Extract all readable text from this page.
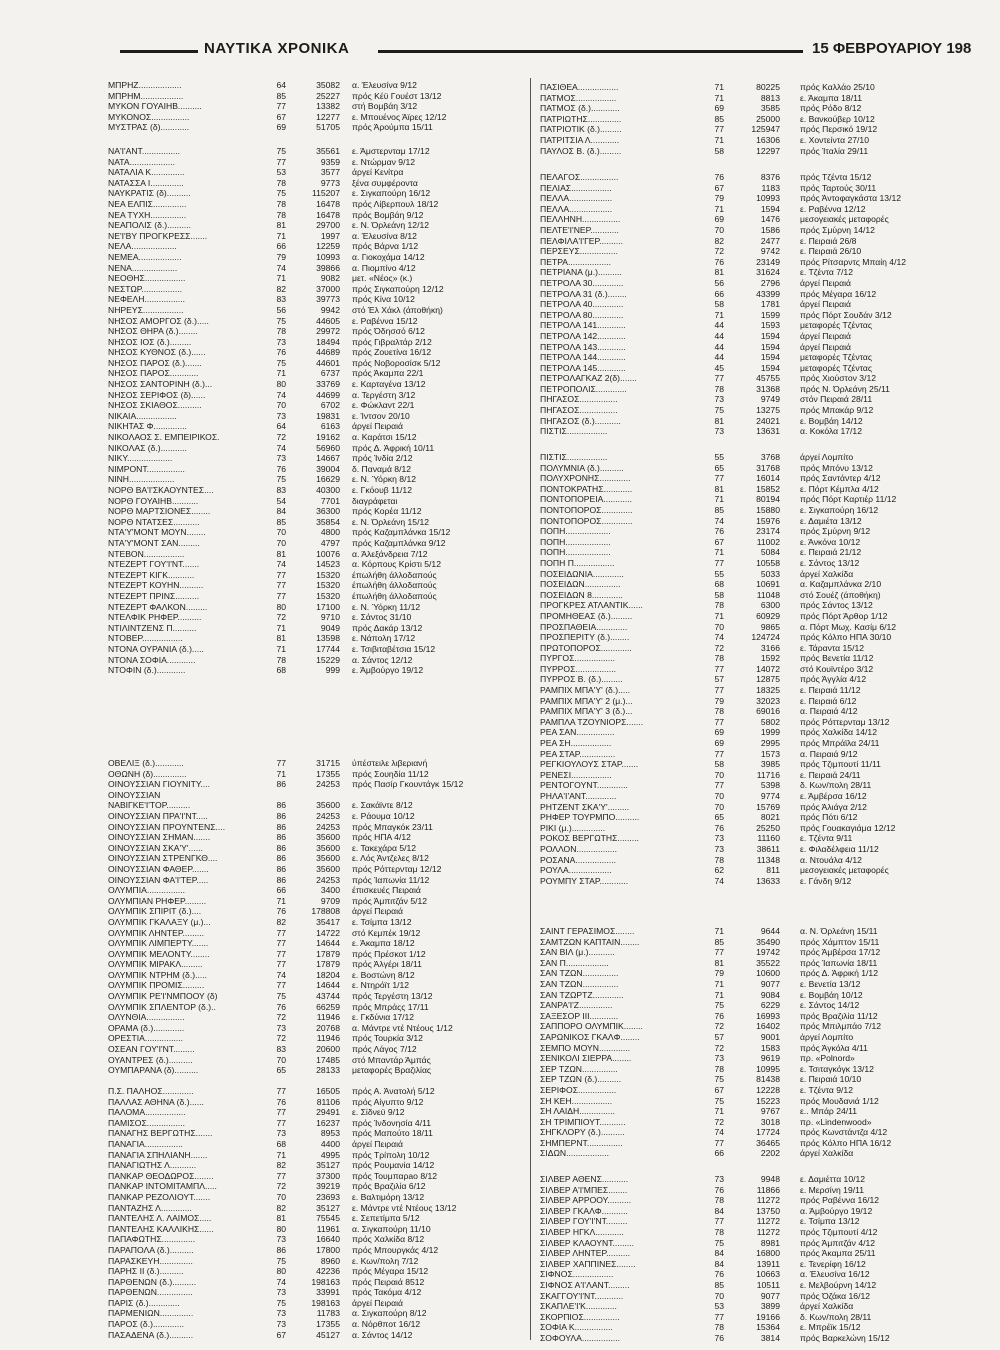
ΝΑΥΤΙΚΑ ΧΡΟΝΙΚΑ	15 ΦΕΒΡΟΥΑΡΙΟΥ 198
ΜΠΡΗΖ..................	64	35082 α. Έλευσίνα 9/12
ΜΠΡΗΜ..................	85	25227 πρός Κέϋ Γουέστ 13/12
ΜΥΚΟΝ ΓΟΥΑΙΗΒ..........	77	13382 στή Βομβάη 3/12
ΜΥΚΟΝΟΣ................	67	12277 ε. Μπουένος Άϊρες 12/12
ΜΥΣΤΡΑΣ (δ)............	69	51705 πρός Άρούμπα 15/11
ΝΑ'Ι'ΑΝΤ................	75	35561 ε. Άμστερνταμ 17/12
ΝΑΤΑ...................	77	9359 ε. Ντώρμαν 9/12
ΝΑΤΑΛΙΑ Κ..............	53	3577 άργεί Κενίτρα
ΝΑΤΑΣΣΑ Ι..............	78	9773 ξένα συμφέροντα
ΝΑΥΚΡΑΤΙΣ (δ)..........	75	115207 ε. Σιγκαπούρη 16/12
ΝΕΑ ΕΛΠΙΣ..............	78	16478 πρός Λίβερπουλ 18/12
ΝΕΑ ΤΥΧΗ...............	78	16478 πρός Βομβάη 9/12
ΝΕΑΠΟΛΙΣ (δ.)..........	81	29700 ε. Ν. Όρλεάνη 12/12
ΝΕ'Ι'ΒΥ ΠΡΟΓΚΡΕΣΣ.......	71	1997 α. Έλευσίνα 8/12
ΝΕΛΑ...................	66	12259 πρός Βάρνα 1/12
ΝΕΜΕΑ..................	79	10993 α. Γιοκοχάμα 14/12
ΝΕΝΑ...................	74	39866 α. Πιομπίνο 4/12
ΝΕΟΘΗΣ.................	71	9082 μετ. «Νέος» (κ.)
ΝΕΣΤΩΡ.................	82	37000 πρός Σιγκαπούρη 12/12
ΝΕΦΕΛΗ.................	83	39773 πρός Κίνα 10/12
ΝΗΡΕΥΣ.................	56	9942 στό Έλ Χάκλ (άποθήκη)
ΝΗΣΟΣ ΑΜΟΡΓΟΣ (δ.).....	75	44605 ε. Ραβέννα 15/12
ΝΗΣΟΣ ΘΗΡΑ (δ.)........	78	29972 πρός Όδησσό 6/12
ΝΗΣΟΣ ΙΟΣ (δ.).........	73	18494 πρός Γιβραλτάρ 2/12
ΝΗΣΟΣ ΚΥΘΝΟΣ (δ.)......	76	44689 πρός Ζουετίνα 16/12
ΝΗΣΟΣ ΠΑΡΟΣ (δ.).......	75	44601 πρός Νοβοροσίσκ 5/12
ΝΗΣΟΣ ΠΑΡΟΣ............	71	6737 πρός Άκαμπα 22/1
ΝΗΣΟΣ ΣΑΝΤΟΡΙΝΗ (δ.)...	80	33769 ε. Καρταγένα 13/12
ΝΗΣΟΣ ΣΕΡΙΦΟΣ (δ)......	74	44699 α. Τεργέστη 3/12
ΝΗΣΟΣ ΣΚΙΑΘΟΣ..........	70	6702 ε. Φώκλαντ 22/1
ΝΙΚΑΙΑ.................	73	19831 ε. Ίντσον 20/10
ΝΙΚΗΤΑΣ Φ..............	64	6163 άργεί Πειραιά
ΝΙΚΟΛΑΟΣ Σ. ΕΜΠΕΙΡΙΚΟΣ.	72	19162 α. Καράτσι 15/12
ΝΙΚΟΛΑΣ (δ.)...........	74	56960 πρός Δ. Άφρική 10/11
ΝΙΚΥ...................	73	14667 πρός Ίνδία 2/12
ΝΙΜΡΟΝΤ................	76	39004 δ. Παναμά 8/12
ΝΙΝΗ...................	75	16629 ε. Ν. Ύόρκη 8/12
ΝΟΡΘ ΒΑ'Ι'ΣΚΑΟΥΝΤΕΣ....	83	40300 ε. Γκόουβ 11/12
ΝΟΡΘ ΓΟΥΑΙΗΒ...........	54	7701 διαγράφεται
ΝΟΡΘ ΜΑΡΤΣΙΟΝΕΣ........	84	36300 πρός Κορέα 11/12
ΝΟΡΘ ΝΤΑΤΣΕΣ...........	85	35854 ε. Ν. Όρλεάνη 15/12
ΝΤΑ'Υ'ΜΟΝΤ ΜΟΥΝ........	70	4800 πρός Καζαμπλάνκα 15/12
ΝΤΑ'Υ'ΜΟΝΤ ΣΑΝ.........	70	4797 πρός Καζαμπλάνκα 9/12
ΝΤΕΒΟΝ.................	81	10076 α. Άλεξάνδρεια 7/12
ΝΤΕΖΕΡΤ ΓΟΥ'Ι'ΝΤ.......	74	14523 α. Κόρπους Κρίστι 5/12
ΝΤΕΖΕΡΤ ΚΙΓΚ...........	77	15320 έπωλήθη άλλοδαπούς
ΝΤΕΖΕΡΤ ΚΟΥΗΝ..........	77	15320 έπωλήθη άλλοδαπούς
ΝΤΕΖΕΡΤ ΠΡΙΝΣ..........	77	15320 έπωλήθη άλλοδαπούς
ΝΤΕΖΕΡΤ ΦΑΛΚΟΝ.........	80	17100 ε. Ν. Ύόρκη 11/12
ΝΤΕΛΦΙΚ ΡΗΦΕΡ..........	72	9710 ε. Σάντος 31/10
ΝΤΙΛΙΝΤΖΕΝΣ Π..........	71	9049 πρός Δακάρ 13/12
ΝΤΟΒΕΡ.................	81	13598 ε. Νάπολη 17/12
ΝΤΟΝΑ ΟΥΡΑΝΙΑ (δ.).....	71	17744 ε. Τσιβιταβέτσια 15/12
ΝΤΟΝΑ ΣΟΦΙΑ............	78	15229 α. Σάντος 12/12
ΝΤΟΦΙΝ (δ.)............	68	999 ε. Άμβούργο 19/12
ΟΒΕΛΙΞ (δ.)............	77	31715 ύπέστειλε λιβεριανή
ΟΘΩΝΗ (δ)..............	71	17355 πρός Σουηδία 11/12
ΟΙΝΟΥΣΣΙΑΝ ΓΙΟΥΝΙΤΥ....	86	24253 πρός Πασίρ Γκουντάγκ 15/12
ΟΙΝΟΥΣΣΙΑΝ
ΝΑΒΙΓΚΕ'Ι'ΤΟΡ..........	86	35600 ε. Σακάϊντε 8/12
ΟΙΝΟΥΣΣΙΑΝ ΠΡΑ'Ι'ΝΤ.....	86	24253 ε. Ράουμα 10/12
ΟΙΝΟΥΣΣΙΑΝ ΠΡΟΥΝΤΕΝΣ....	86	24253 πρός Μπαγκόκ 23/11
ΟΙΝΟΥΣΣΙΑΝ ΣΗΜΑΝ.......	86	35600 πρός ΗΠΑ 4/12
ΟΙΝΟΥΣΣΙΑΝ ΣΚΑ'Υ'......	86	35600 ε. Τακεχάρα 5/12
ΟΙΝΟΥΣΣΙΑΝ ΣΤΡΕΝΓΚΘ....	86	35600 ε. Λός Άντζελες 8/12
ΟΙΝΟΥΣΣΙΑΝ ΦΑΘΕΡ.......	86	35600 πρός Ρόττερνταμ 12/12
ΟΙΝΟΥΣΣΙΑΝ ΦΑ'Ι'ΤΕΡ.....	86	24253 πρός Ίαπωνία 11/12
ΟΛΥΜΠΙΑ................	66	3400 έπισκευές Πειραιά
ΟΛΥΜΠΙΑΝ ΡΗΦΕΡ.........	71	9709 πρός Άμπιτζάν 5/12
ΟΛΥΜΠΙΚ ΣΠΙΡΙΤ (δ.)....	76	178808 άργεί Πειραιά
ΟΛΥΜΠΙΚ ΓΚΑΛΑΞΥ (μ.)...	82	35417 ε. Τσίμπα 13/12
ΟΛΥΜΠΙΚ ΛΗΝΤΕΡ.........	77	14722 στό Κεμπέκ 19/12
ΟΛΥΜΠΙΚ ΛΙΜΠΕΡΤΥ.......	77	14644 ε. Άκαμπα 18/12
ΟΛΥΜΠΙΚ ΜΕΛΟΝΤΥ........	77	17879 πρός Πρέσκοτ 1/12
ΟΛΥΜΠΙΚ ΜΙΡΑΚΛ.........	77	17879 πρός Άλγέρι 18/11
ΟΛΥΜΠΙΚ ΝΤΡΗΜ (δ.).....	74	18204 ε. Βοστώνη 8/12
ΟΛΥΜΠΙΚ ΠΡΟΜΙΣ.........	77	14644 ε. Ντηρόϊτ 1/12
ΟΛΥΜΠΙΚ ΡΕ'Ι'ΝΜΠΟΟΥ (δ)	75	43744 πρός Τεργέστη 13/12
ΟΛΥΜΠΙΚ ΣΠΛΕΝΤΟΡ (δ.)..	76	66259 πρός Μπράςς 17/11
ΟΛΥΝΘΙΑ................	72	11946 ε. Γκδύνια 17/12
ΟΡΑΜΑ (δ.).............	73	20768 α. Μάντρε ντέ Ντέους 1/12
ΟΡΕΣΤΙΑ................	72	11946 πρός Τουρκία 3/12
ΟΣΕΑΝ ΓΟΥ'Ι'ΝΤ.........	83	20600 πρός Λάγος 7/12
ΟΥΑΝΤΡΕΣ (δ.)..........	70	17485 στό Μπαντάρ Άμπάς
ΟΥΜΠΑΡΑΝΑ (δ)..........	65	28133 μεταφορές Βραζιλίας
Π.Σ. ΠΑΛΗΟΣ.............	77	16505 πρός Α. Άνατολή 5/12
ΠΑΛΛΑΣ ΑΘΗΝΑ (δ.)......	76	81106 πρός Αίγυπτο 9/12
ΠΑΛΟΜΑ.................	77	29491 ε. Σίδνεϋ 9/12
ΠΑΜΙΣΟΣ................	77	16237 πρός Ίνδονησία 4/11
ΠΑΝΑΓΗΣ ΒΕΡΓΩΤΗΣ.......	73	8953 πρός Μαπούτο 18/11
ΠΑΝΑΓΙΑ................	68	4400 άργεί Πειραιά
ΠΑΝΑΓΙΑ ΣΠΗΛΙΑΝΗ.......	71	4995 πρός Τρίπολη 10/12
ΠΑΝΑΓΙΩΤΗΣ Λ...........	82	35127 πρός Ρουμανία 14/12
ΠΑΝΚΑΡ ΘΕΟΔΩΡΟΣ........	77	37300 πρός Τουμπαρao 8/12
ΠΑΝΚΑΡ ΙΝΤΟΜΙΤΑΜΠΛ.....	72	39219 πρός Βραζιλία 6/12
ΠΑΝΚΑΡ ΡΕΖΟΛΙΟΥΤ.......	70	23693 ε. Βαλτιμόρη 13/12
ΠΑΝΤΑΖΗΣ Λ.............	82	35127 ε. Μάντρε ντέ Ντέους 13/12
ΠΑΝΤΕΛΗΣ Λ. ΛΑΙΜΟΣ.....	81	75545 ε. Σεπετίμπα 5/12
ΠΑΝΤΕΛΗΣ ΚΑΛΛΙΚΗΣ......	80	11961 α. Σιγκαπούρη 11/10
ΠΑΠΑΦΩΤΗΣ..............	73	16640 πρός Χαλκίδα 8/12
ΠΑΡΑΠΟΛΑ (δ.)..........	86	17800 πρός Μπουργκάς 4/12
ΠΑΡΑΣΚΕΥΗ..............	75	8960 ε. Κων/πολη 7/12
ΠΑΡΗΣ ΙΙ (δ.)..........	80	42236 πρός Μέγαρα 15/12
ΠΑΡΘΕΝΩΝ (δ.)..........	74	198163 πρός Πειραιά 8512
ΠΑΡΘΕΝΩΝ...............	73	33991 πρός Τακόμα 4/12
ΠΑΡΙΣ (δ.).............	75	198163 άργεί Πειραιά
ΠΑΡΜΕΝΙΩΝ..............	73	11783 α. Σιγκαπούρη 8/12
ΠΑΡΟΣ (δ.).............	73	17355 α. Νόρθποτ 16/12
ΠΑΣΑΔΕΝΑ (δ.)..........	67	45127 α. Σάντος 14/12
ΠΑΣΙΘΕΑ.................	71	80225 πρός Καλλάο 25/10
ΠΑΤΜΟΣ.................	71	8813 ε. Άκαμπα 18/11
ΠΑΤΜΟΣ (δ.)............	69	3585 πρός Ρόδο 8/12
ΠΑΤΡΙΩΤΗΣ..............	85	25000 ε. Βανκούβερ 10/12
ΠΑΤΡΙΟΤΙΚ (δ.).........	77	125947 πρός Περσικό 19/12
ΠΑΤΡΙΤΣΙΑ Λ............	71	16306 ε. Χοντείντα 27/10
ΠΑΥΛΟΣ Β. (δ.).........	58	12297 πρός Ίταλία 29/11
ΠΕΛΑΓΟΣ................	76	8376 πρός Τζέντα 15/12
ΠΕΛΙΑΣ.................	67	1183 πρός Ταρτούς 30/11
ΠΕΛΛΑ..................	79	10993 πρός Άντοφαγκάστα 13/12
ΠΕΛΛΑ..................	71	1594 ε. Ραβέννα 12/12
ΠΕΛΛΗΝΗ................	69	1476 μεσογειακές μεταφορές
ΠΕΛΤΕ'Ι'ΝΕΡ............	70	1586 πρός Σμύρνη 14/12
ΠΕΛΦΙΛΑ'Ι'ΓΕΡ..........	82	2477 ε. Πειραιά 26/8
ΠΕΡΣΕΥΣ................	72	9742 ε. Πειραιά 26/10
ΠΕΤΡΑ..................	76	23149 πρός Ρίτσαρντς Μπαίη 4/12
ΠΕΤΡΙΑΝΑ (μ.)..........	81	31624 ε. Τζέντα 7/12
ΠΕΤΡΟΛΑ 30.............	56	2796 άργεί Πειραιά
ΠΕΤΡΟΛΑ 31 (δ.)........	66	43399 πρός Μέγαρα 16/12
ΠΕΤΡΟΛΑ 40.............	58	1781 άργεί Πειραιά
ΠΕΤΡΟΛΑ 80.............	71	1599 πρός Πόρτ Σουδάν 3/12
ΠΕΤΡΟΛΑ 141............	44	1593 μεταφορές Τζέντας
ΠΕΤΡΟΛΑ 142............	44	1594 άργεί Πειραιά
ΠΕΤΡΟΛΑ 143............	44	1594 άργεί Πειραιά
ΠΕΤΡΟΛΑ 144............	44	1594 μεταφορές Τζέντας
ΠΕΤΡΟΛΑ 145............	45	1594 μεταφορές Τζέντας
ΠΕΤΡΟΛΑΓΚΑΖ 2(δ).......	77	45755 πρός Χιούστον 3/12
ΠΕΤΡΟΠΟΛΙΣ.............	78	31368 πρός Ν. Όρλεάνη 25/11
ΠΗΓΑΣΟΣ................	73	9749 στόν Πειραιά 28/11
ΠΗΓΑΣΟΣ................	75	13275 πρός Μπακάρ 9/12
ΠΗΓΑΣΟΣ (δ.)...........	81	24021 ε. Βομβάη 14/12
ΠΙΣΤΙΣ.................	73	13631 α. Κοκόλα 17/12
ΠΙΣΤΙΣ.................	55	3768 άργεί Λομπίτο
ΠΟΛΥΜΝΙΑ (δ.)..........	65	31768 πρός Μπόνυ 13/12
ΠΟΛΥΧΡΟΝΗΣ.............	77	16014 πρός Σαντάντερ 4/12
ΠΟΝΤΟΚΡΑΤΗΣ............	81	15852 ε. Πόρτ Κέμπλα 4/12
ΠΟΝΤΟΠΟΡΕΙΑ............	71	80194 πρός Πόρτ Καρτιέρ 11/12
ΠΟΝΤΟΠΟΡΟΣ.............	85	15880 ε. Σιγκαπούρη 16/12
ΠΟΝΤΟΠΟΡΟΣ.............	74	15976 ε. Δαμιέτα 13/12
ΠΟΠΗ...................	76	23174 πρός Σμύρνη 9/12
ΠΟΠΗ...................	67	11002 ε. Άνκόνα 10/12
ΠΟΠΗ...................	71	5084 ε. Πειραιά 21/12
ΠΟΠΗ Π.................	77	10558 ε. Σάντος 13/12
ΠΟΣΕΙΔΩΝΙΑ.............	55	5033 άργεί Χαλκίδα
ΠΟΣΕΙΔΩΝ...............	68	10691 α. Καζαμπλάνκα 2/10
ΠΟΣΕΙΔΩΝ 8.............	58	11048 στό Σουέζ (άποθήκη)
ΠΡΟΓΚΡΕΣ ΑΤΛΑΝΤΙΚ......	78	6300 πρός Σάντος 13/12
ΠΡΟΜΗΘΕΑΣ (δ.).........	71	60929 πρός Πόρτ Άρθορ 1/12
ΠΡΟΣΠΑΘΕΙΑ.............	70	9865 α. Πόρτ Μωχ. Κασίμ 6/12
ΠΡΟΣΠΕΡΙΤΥ (δ.)........	74	124724 πρός Κόλπο ΗΠΑ 30/10
ΠΡΩΤΟΠΟΡΟΣ.............	72	3166 ε. Τάραντα 15/12
ΠΥΡΓΟΣ.................	78	1592 πρός Βενετία 11/12
ΠΥΡΡΟΣ.................	77	14072 στό Κουϊντέρο 3/12
ΠΥΡΡΟΣ Β. (δ.).........	57	12875 πρός Άγγλία 4/12
ΡΑΜΠΙΧ ΜΠΑ'Υ' (δ.).....	77	18325 ε. Πειραιά 11/12
ΡΑΜΠΙΧ ΜΠΑ'Υ' 2 (μ.)...	79	32023 ε. Πειραιά 6/12
ΡΑΜΠΙΧ ΜΠΑ'Υ' 3 (δ.)...	78	69016 α. Πειραιά 4/12
ΡΑΜΠΛΑ ΤΖΟΥΝΙΟΡΣ.......	77	5802 πρός Ρόττερνταμ 13/12
ΡΕΑ ΣΑΝ................	69	1999 πρός Χαλκίδα 14/12
ΡΕΑ ΣΗ.................	69	2995 πρός Μπράϊλα 24/11
ΡΕΑ ΣΤΑΡ...............	77	1573 α. Πειραιά 9/12
ΡΕΓΚΙΟΥΛΟΥΣ ΣΤΑΡ.......	58	3985 πρός Τζιμπουτί 11/11
ΡΕΝΕΣΙ.................	70	11716 ε. Πειραιά 24/11
ΡΕΝΤΟΓΟΥΝΤ.............	77	5398 δ. Κων/πολη 28/11
ΡΗΛΑ'Ι'ΑΝΤ.............	70	9774 ε. Άμβέρσα 16/12
ΡΗΤΖΕΝΤ ΣΚΑ'Υ'.........	70	15769 πρός Άλιάγα 2/12
ΡΗΦΕΡ ΤΟΥΡΜΠΟ..........	65	8021 πρός Πότι 6/12
ΡΙΚΙ (μ.)..............	76	25250 πρός Γουακαγιάμα 12/12
ΡΟΚΟΣ ΒΕΡΓΩΤΗΣ.........	73	11160 ε. Τζέντα 9/11
ΡΟΛΛΟΝ.................	73	38611 ε. Φιλαδέλφεια 11/12
ΡΟΣΑΝΑ.................	78	11348 α. Ντουάλα 4/12
ΡΟΥΛΑ..................	62	811 μεσογειακές μεταφορές
ΡΟΥΜΠΥ ΣΤΑΡ............	74	13633 ε. Γάνδη 9/12
ΣΑΙΝΤ ΓΕΡΑΣΙΜΟΣ........	71	9644 α. Ν. Όρλεάνη 15/11
ΣΑΜΤΖΩΝ ΚΑΠΤΑΙΝ........	85	35490 πρός Χάμπτον 15/11
ΣΑΝ ΒΙΛ (μ.)...........	77	19742 πρός Άμβέρσα 17/12
ΣΑΝ Π..................	81	35522 πρός Ίαπωνία 18/11
ΣΑΝ ΤΖΩΝ...............	79	10600 πρός Δ. Άφρική 1/12
ΣΑΝ ΤΖΩΝ...............	71	9077 ε. Βενετία 13/12
ΣΑΝ ΤΖΩΡΤΖ.............	71	9084 ε. Βομβάη 10/12
ΣΑΝΡΑ'Ι'Ζ..............	75	6229 ε. Σάντος 14/12
ΣΑΞΕΣΟΡ ΙΙΙ............	76	16993 πρός Βραζιλία 11/12
ΣΑΠΠΟΡΟ ΟΛΥΜΠΙΚ........	72	16402 πρός Μπιλμπάο 7/12
ΣΑΡΩΝΙΚΟΣ ΓΚΑΛΦ........	57	9001 άργεί Λομπίτο
ΣΕΜΠΟ ΜΟΥΝ.............	72	1583 πρός Άγκόλα 4/11
ΣΕΝΙΚΟΛΙ ΣΙΕΡΡΑ........	73	9619 πρ. «Polnord»
ΣΕΡ ΤΖΩΝ...............	78	10995 ε. Τσιταγκόγκ 13/12
ΣΕΡ ΤΖΩΝ (δ.)..........	75	81438 ε. Πειραιά 10/10
ΣΕΡΙΦΟΣ................	67	12228 ε. Τζέντα 9/12
ΣΗ ΚΕΗ.................	75	15223 πρός Μουδανιά 1/12
ΣΗ ΛΑΙΔΗ...............	71	9767 ε.. Μπάρ 24/11
ΣΗ ΤΡΙΜΠΙΟΥΤ...........	72	3018 πρ. «Lindenwood»
ΣΗΓΚΛΟΡΥ (δ.)..........	74	17724 πρός Κωνστάντζα 4/12
ΣΗΜΠΕΡΝΤ...............	77	36465 πρός Κόλπο ΗΠΑ 16/12
ΣΙΔΩΝ..................	66	2202 άργεί Χαλκίδα
ΣΙΛΒΕΡ ΑΘΕΝΣ...........	73	9948 ε. Δαμιέττα 10/12
ΣΙΛΒΕΡ Α'Ι'ΜΠΕΣ........	76	11866 ε. Μερσίνη 19/11
ΣΙΛΒΕΡ ΑΡΡΟΟΥ..........	78	11272 πρός Ραβέννα 16/12
ΣΙΛΒΕΡ ΓΚΑΛΦ...........	84	13750 α. Άμβούργο 19/12
ΣΙΛΒΕΡ ΓΟΥ'Ι'ΝΤ.........	77	11272 ε. Τσίμπα 13/12
ΣΙΛΒΕΡ ΗΓΚΛ............	78	11272 πρός Τζιμπουτί 4/12
ΣΙΛΒΕΡ ΚΛΑΟΥΝΤ.........	75	8981 πρός Άμπιτζάν 4/12
ΣΙΛΒΕΡ ΛΗΝΤΕΡ..........	84	16800 πρός Άκαμπα 25/11
ΣΙΛΒΕΡ ΧΑΠΠΙΝΕΣ........	84	13911 ε. Τενερίφη 16/12
ΣΙΦΝΟΣ.................	76	10663 α. Έλευσίνα 16/12
ΣΙΦΝΟΣ Α'Ι'ΛΑΝΤ.........	85	10511 ε. Μελβούρνη 14/12
ΣΚΑΓΓΟΥ'Ι'ΝΤ............	70	9077 πρός Όζάκα 16/12
ΣΚΑΠΛΕ'Ι'Κ.............	53	3899 άργεί Χαλκίδα
ΣΚΟΡΠΙΟΣ...............	77	19166 δ. Κων/πολη 28/11
ΣΟΦΙΑ Κ................	78	15364 ε. Μπρέϊκ 15/12
ΣΟΦΟΥΛΑ................	76	3814 πρός Βαρκελώνη 15/12
